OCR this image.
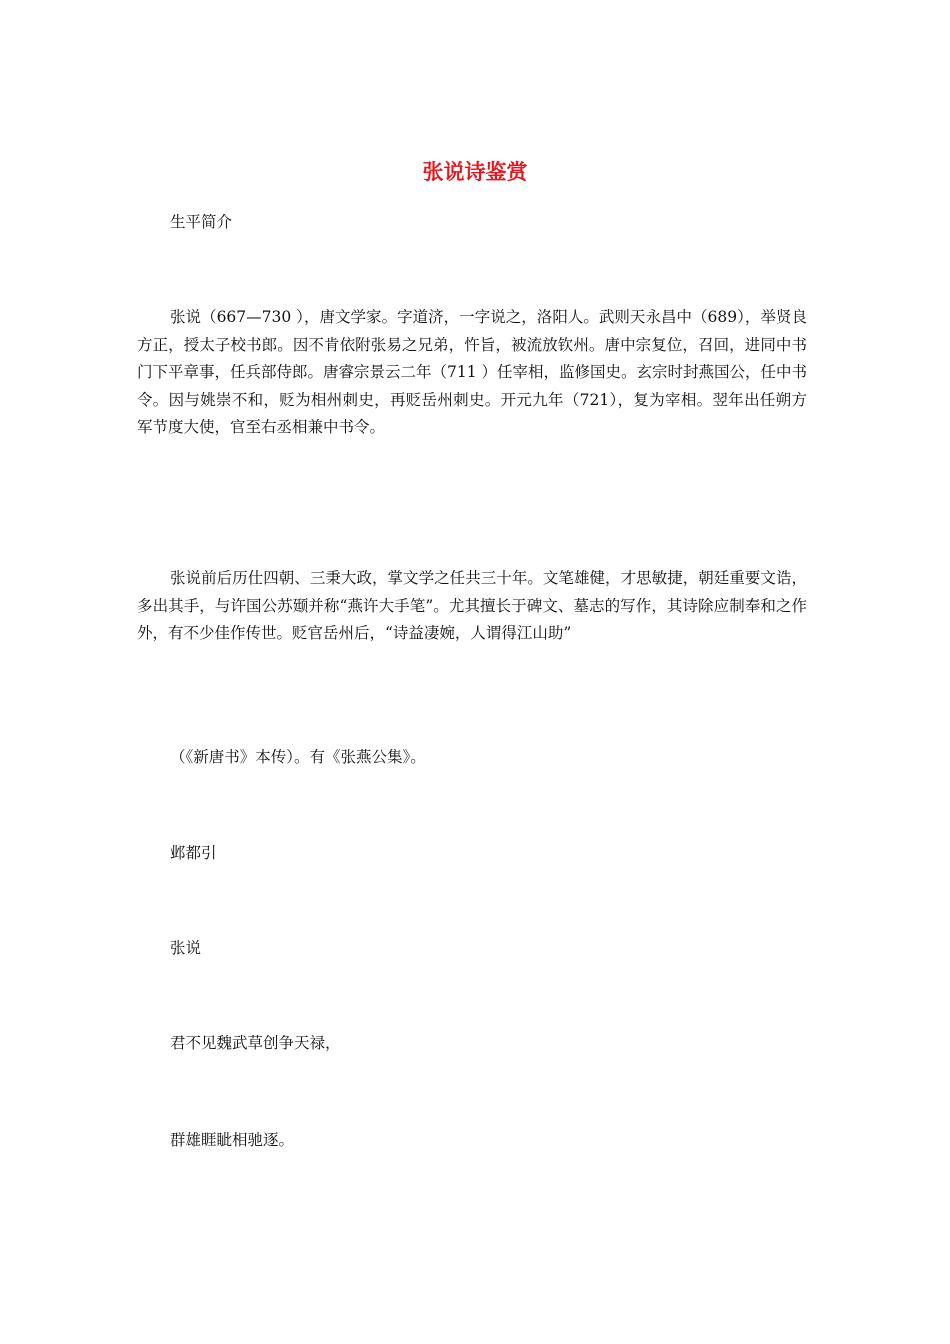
张说诗鉴赏
生平简介
张说（667—730 ），唐文学家。字道济，一字说之，洛阳人。武则天永昌中（689），举贤良方正，授太子校书郎。因不肯依附张易之兄弟，忤旨，被流放钦州。唐中宗复位，召回，进同中书门下平章事，任兵部侍郎。唐睿宗景云二年（711 ）任宰相，监修国史。玄宗时封燕国公，任中书令。因与姚崇不和，贬为相州刺史，再贬岳州刺史。开元九年（721），复为宰相。翌年出任朔方军节度大使，官至右丞相兼中书令。
张说前后历仕四朝、三秉大政，掌文学之任共三十年。文笔雄健，才思敏捷，朝廷重要文诰，多出其手，与许国公苏颋并称“燕许大手笔”。尤其擅长于碑文、墓志的写作，其诗除应制奉和之作外，有不少佳作传世。贬官岳州后，“诗益凄婉，人谓得江山助”
（《新唐书》本传）。有《张燕公集》。
邺都引
张说
君不见魏武草创争天禄，
群雄睚眦相驰逐。
